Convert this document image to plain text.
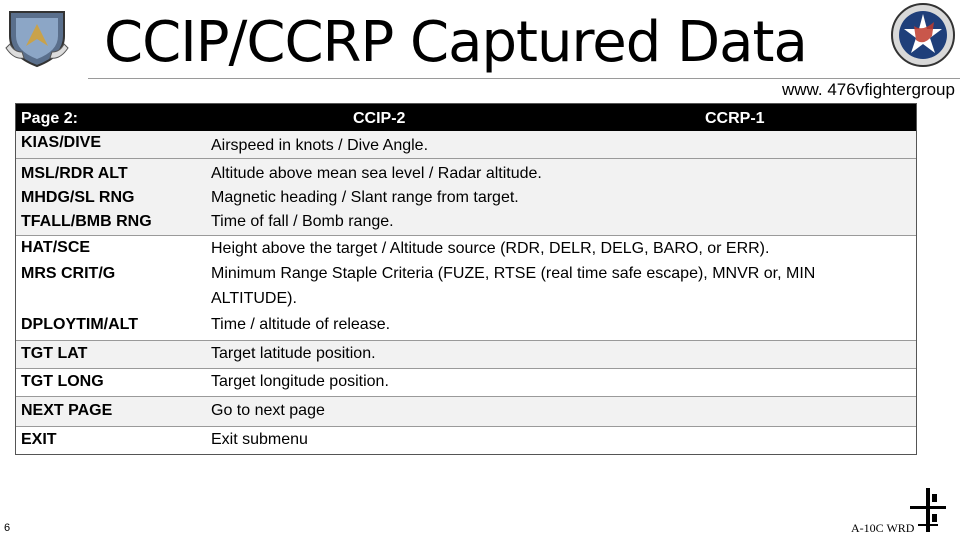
CCIP/CCRP Captured Data
www. 476vfightergroup
Page 2:	CCIP-2	CCRP-1
KIAS/DIVE	Airspeed in knots / Dive Angle.
MSL/RDR ALT	Altitude above mean sea level / Radar altitude.
MHDG/SL RNG	Magnetic heading / Slant range from target.
TFALL/BMB RNG	Time of fall / Bomb range.
HAT/SCE	Height above the target / Altitude source (RDR, DELR, DELG, BARO, or ERR).
MRS CRIT/G	Minimum Range Staple Criteria (FUZE, RTSE (real time safe escape), MNVR or, MIN
ALTITUDE).
DPLOYTIM/ALT	Time / altitude of release.
TGT LAT	Target latitude position.
TGT LONG	Target longitude position.
NEXT PAGE	Go to next page
EXIT	Exit submenu
6	A-10C WRD
